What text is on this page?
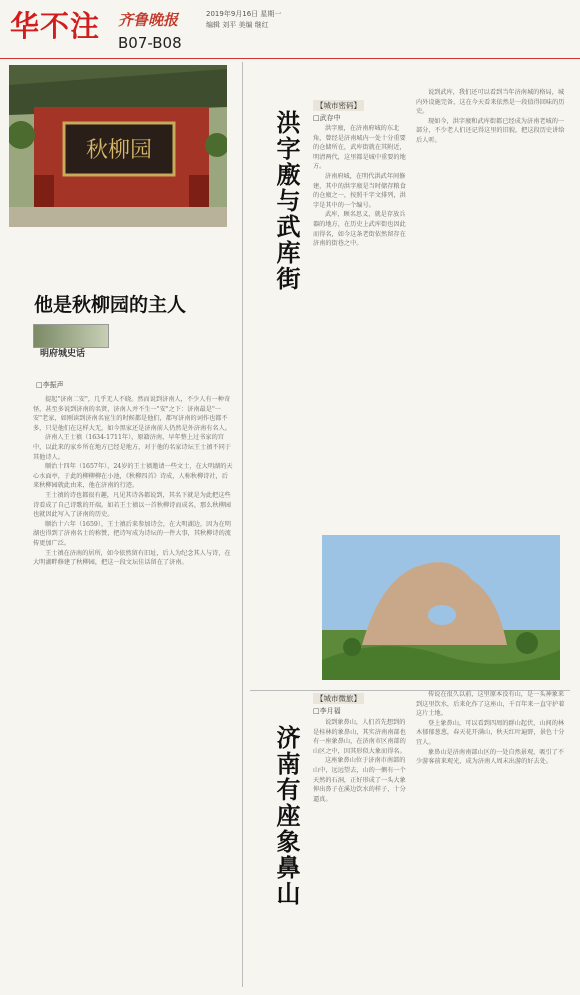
华不注 齐鲁晚报	2019年9月16日 星期一
编辑 刘平 美编 继红
B07-B08
秋柳园
他是秋柳园的主人
明府城史话
□李振声

提起"济南二安"，几乎无人不晓。然而说到济南人，不少人有一种奇怪，甚至多说到济南的名贤，济南人并不生一"安"之下：济南最是"一安"老家，如刚读到济南名宦生的时候都是他们，都写济南的词作也都不多，只是他们在这样大无，如今黑家还是济南前人仍然是外济南有名人。

济南人王士禛（1634-1711年），原籍济南，早年整上过书家的宫中，以此来的家乡所在地方已经是地方，对于他的名家诗坛王士禛不同于其他诗人。

顺治十四年（1657年），24岁的王士禛邀请一些文士，在大明湖的天心水面亭，于此的柳柳柳在小池，《秋柳四首》诗成，人称秋柳诗社，后来秋柳园就此由来，他在济南的行迹。

王士禛的诗也都很有趣，凡见其诗各都说到，其名下就是为此把这些诗看成了自己诗歌的开端。如若王士禛以一首秋柳诗而成名，那么秋柳园也就因此写入了济南的历史。

顺治十六年（1659），王士禛后来参加诗会，在大明湖边，因为在明湖也得到了济南名士的称赞，把诗写成为诗坛的一件大事，其秋柳诗的流传更加广泛。

王士禛在济南的居所，如今依然留有旧址，后人为纪念其人与诗，在大明湖畔修建了秋柳园，把这一段文坛佳话留在了济南。

洪字廒与武库街
【城市密码】
□武存中

洪字廒，在济南府城的东北角，曾经是济南城内一处十分重要的仓储所在，武库街就在其附近，明清两代，这里都是城中重要的地方。

济南府城，在明代洪武年间修建，其中的洪字廒是当时储存粮食的仓廒之一，按照千字文排列，洪字是其中的一个编号。

武库，顾名思义，就是存放兵器的地方，在历史上武库街也因此而得名，如今这条老街依然留存在济南的街巷之中。

说到武库，我们还可以看到当年济南城的格局，城内外设施完备，这在今天看来依然是一段值得回味的历史。

现如今，洪字廒和武库街都已经成为济南老城的一部分，不少老人们还记得这里的旧貌，把这段历史讲给后人听。

济南有座象鼻山
【城市微旅】
□李月福

说到象鼻山，人们首先想到的是桂林的象鼻山，其实济南南部也有一座象鼻山，在济南市区南部的山区之中，因其形似大象而得名。

这座象鼻山位于济南市南部的山中，远远望去，山的一侧有一个天然的石洞，正好形成了一头大象伸出鼻子在溪边饮水的样子，十分逼真。

传说在很久以前，这里原本没有山，是一头神象来到这里饮水，后来化作了这座山，千百年来一直守护着这片土地。

登上象鼻山，可以看到四周的群山起伏，山间的林木郁郁葱葱，春天花开满山，秋天红叶遍野，景色十分宜人。

象鼻山是济南南部山区的一处自然景观，吸引了不少游客前来观光，成为济南人周末出游的好去处。
